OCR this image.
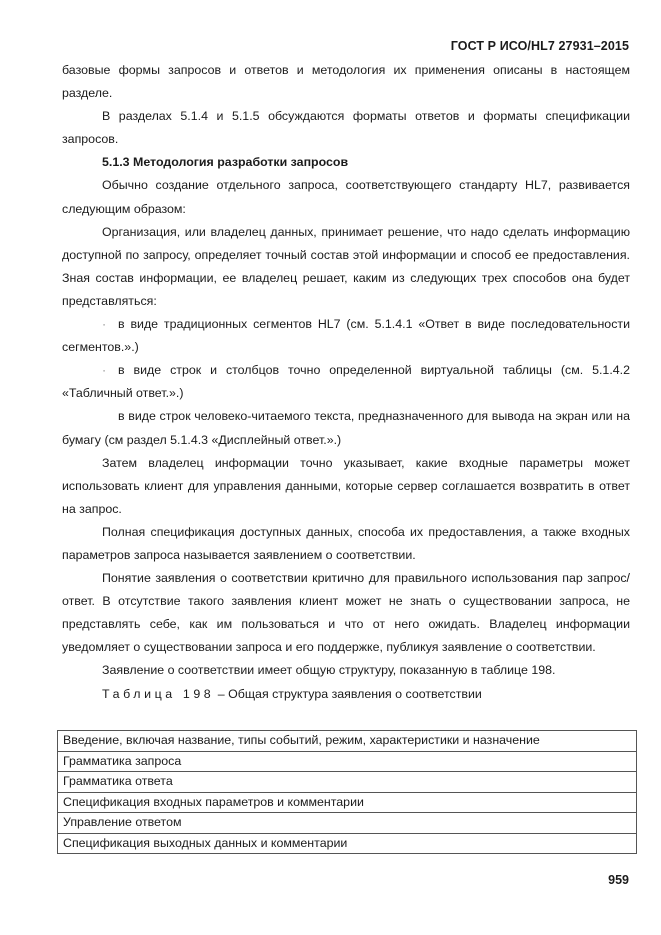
ГОСТ Р ИСО/HL7 27931–2015

базовые формы запросов и ответов и методология их применения описаны в настоящем разделе.

В разделах 5.1.4 и 5.1.5 обсуждаются форматы ответов и форматы спецификации запросов.

5.1.3 Методология разработки запросов

Обычно создание отдельного запроса, соответствующего стандарту HL7, развивается следующим образом:

Организация, или владелец данных, принимает решение, что надо сделать информацию доступной по запросу, определяет точный состав этой информации и способ ее предоставления. Зная состав информации, ее владелец решает, каким из следующих трех способов она будет представляться:

· в виде традиционных сегментов HL7 (см. 5.1.4.1 «Ответ в виде последовательности сегментов.».)

· в виде строк и столбцов точно определенной виртуальной таблицы (см. 5.1.4.2 «Табличный ответ.».)

в виде строк человеко-читаемого текста, предназначенного для вывода на экран или на бумагу (см раздел 5.1.4.3 «Дисплейный ответ.».)

Затем владелец информации точно указывает, какие входные параметры может использовать клиент для управления данными, которые сервер соглашается возвратить в ответ на запрос.

Полная спецификация доступных данных, способа их предоставления, а также входных параметров запроса называется заявлением о соответствии.

Понятие заявления о соответствии критично для правильного использования пар запрос/ответ. В отсутствие такого заявления клиент может не знать о существовании запроса, не представлять себе, как им пользоваться и что от него ожидать. Владелец информации уведомляет о существовании запроса и его поддержке, публикуя заявление о соответствии.

Заявление о соответствии имеет общую структуру, показанную в таблице 198.

Таблица 198 – Общая структура заявления о соответствии

Введение, включая название, типы событий, режим, характеристики и назначение
Грамматика запроса
Грамматика ответа
Спецификация входных параметров и комментарии
Управление ответом
Спецификация выходных данных и комментарии
959
